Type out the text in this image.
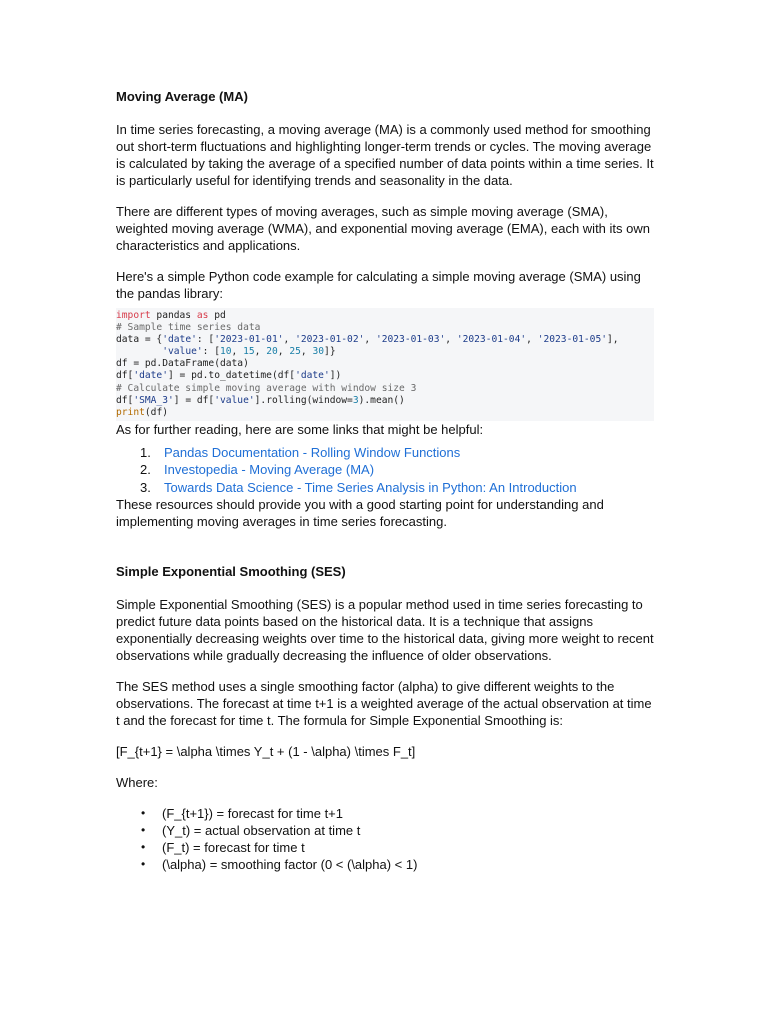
Moving Average (MA)

In time series forecasting, a moving average (MA) is a commonly used method for smoothing out short-term fluctuations and highlighting longer-term trends or cycles. The moving average is calculated by taking the average of a specified number of data points within a time series. It is particularly useful for identifying trends and seasonality in the data.

There are different types of moving averages, such as simple moving average (SMA), weighted moving average (WMA), and exponential moving average (EMA), each with its own characteristics and applications.

Here's a simple Python code example for calculating a simple moving average (SMA) using the pandas library:

import pandas as pd
# Sample time series data
data = {'date': ['2023-01-01', '2023-01-02', '2023-01-03', '2023-01-04', '2023-01-05'],
'value': [10, 15, 20, 25, 30]}
df = pd.DataFrame(data)
df['date'] = pd.to_datetime(df['date'])
# Calculate simple moving average with window size 3
df['SMA_3'] = df['value'].rolling(window=3).mean()
print(df)

As for further reading, here are some links that might be helpful:

1. Pandas Documentation - Rolling Window Functions
2. Investopedia - Moving Average (MA)
3. Towards Data Science - Time Series Analysis in Python: An Introduction

These resources should provide you with a good starting point for understanding and implementing moving averages in time series forecasting.

Simple Exponential Smoothing (SES)

Simple Exponential Smoothing (SES) is a popular method used in time series forecasting to predict future data points based on the historical data. It is a technique that assigns exponentially decreasing weights over time to the historical data, giving more weight to recent observations while gradually decreasing the influence of older observations.

The SES method uses a single smoothing factor (alpha) to give different weights to the observations. The forecast at time t+1 is a weighted average of the actual observation at time t and the forecast for time t. The formula for Simple Exponential Smoothing is:

[F_{t+1} = \alpha \times Y_t + (1 - \alpha) \times F_t]

Where:

• (F_{t+1}) = forecast for time t+1
• (Y_t) = actual observation at time t
• (F_t) = forecast for time t
• (\alpha) = smoothing factor (0 < (\alpha) < 1)
